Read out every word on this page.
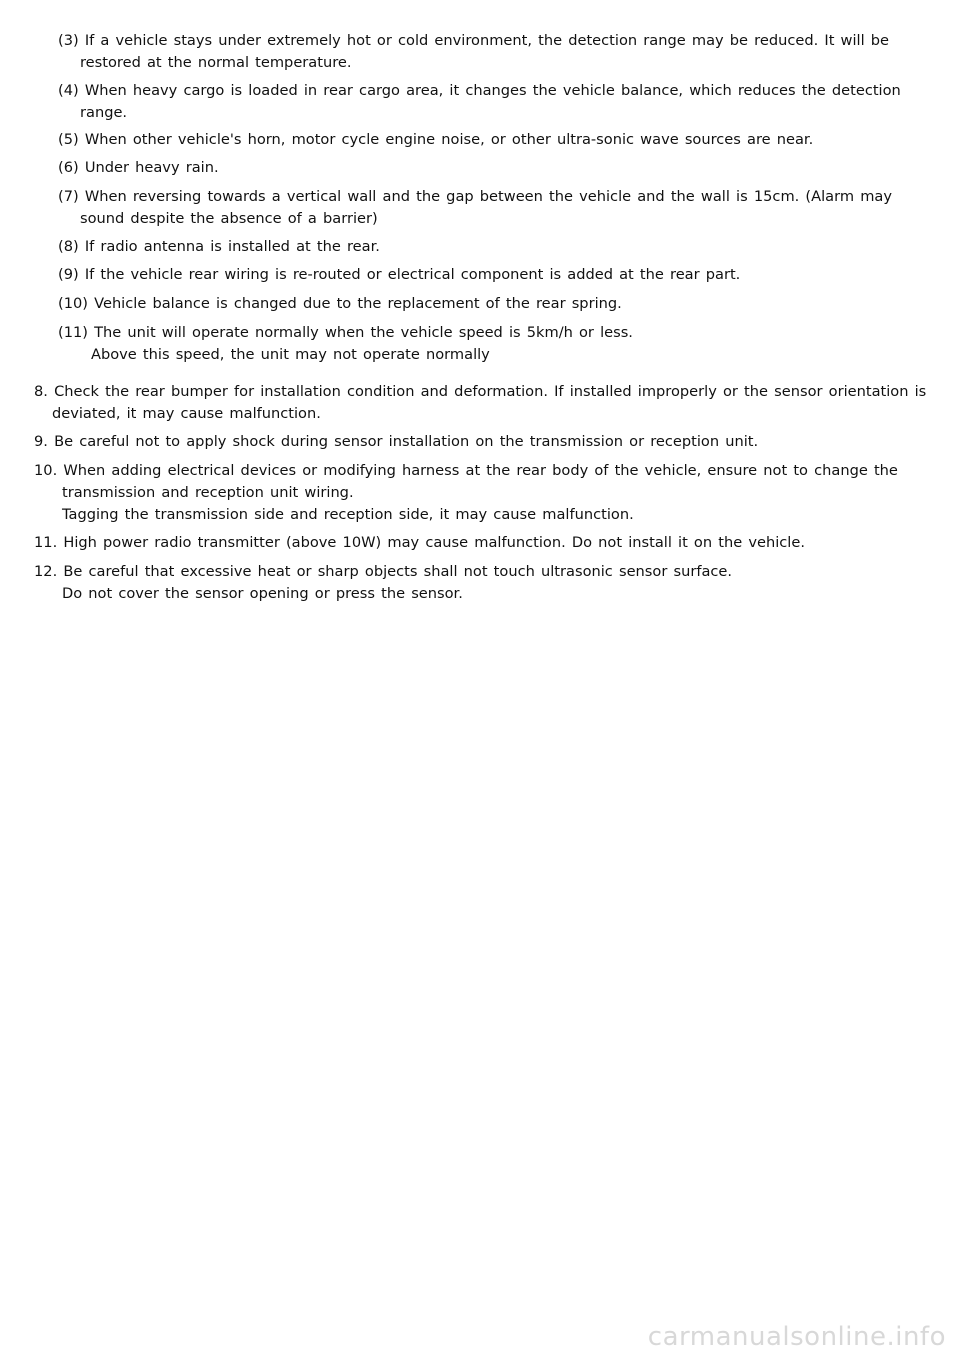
(3) If a vehicle stays under extremely hot or cold environment, the detection range may be reduced. It will be
restored at the normal temperature.
(4) When heavy cargo is loaded in rear cargo area, it changes the vehicle balance, which reduces the detection
range.
(5) When other vehicle's horn, motor cycle engine noise, or other ultra-sonic wave sources are near.
(6) Under heavy rain.
(7) When reversing towards a vertical wall and the gap between the vehicle and the wall is 15cm. (Alarm may
sound despite the absence of a barrier)
(8) If radio antenna is installed at the rear.
(9) If the vehicle rear wiring is re-routed or electrical component is added at the rear part.
(10) Vehicle balance is changed due to the replacement of the rear spring.
(11) The unit will operate normally when the vehicle speed is 5km/h or less.
Above this speed, the unit may not operate normally
8. Check the rear bumper for installation condition and deformation. If installed improperly or the sensor orientation is
deviated, it may cause malfunction.
9. Be careful not to apply shock during sensor installation on the transmission or reception unit.
10. When adding electrical devices or modifying harness at the rear body of the vehicle, ensure not to change the
transmission and reception unit wiring.
Tagging the transmission side and reception side, it may cause malfunction.
11. High power radio transmitter (above 10W) may cause malfunction. Do not install it on the vehicle.
12. Be careful that excessive heat or sharp objects shall not touch ultrasonic sensor surface.
Do not cover the sensor opening or press the sensor.
carmanualsonline.info
